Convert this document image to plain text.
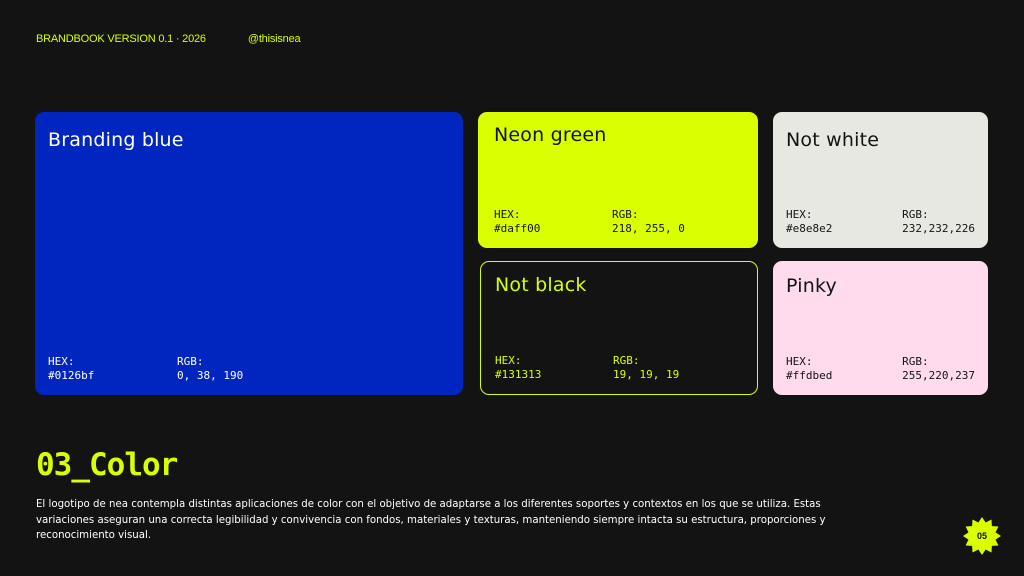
BRANDBOOK VERSION 0.1 · 2026	@thisisnea
Branding blue
HEX:
#0126bf
RGB:
0, 38, 190
Neon green
HEX:
#daff00
RGB:
218, 255, 0
Not white
HEX:
#e8e8e2
RGB:
232,232,226
Not black
HEX:
#131313
RGB:
19, 19, 19
Pinky
HEX:
#ffdbed
RGB:
255,220,237
03_Color

El logotipo de nea contempla distintas aplicaciones de color con el objetivo de adaptarse a los diferentes soportes y contextos en los que se utiliza. Estas variaciones aseguran una correcta legibilidad y convivencia con fondos, materiales y texturas, manteniendo siempre intacta su estructura, proporciones y reconocimiento visual.	05
